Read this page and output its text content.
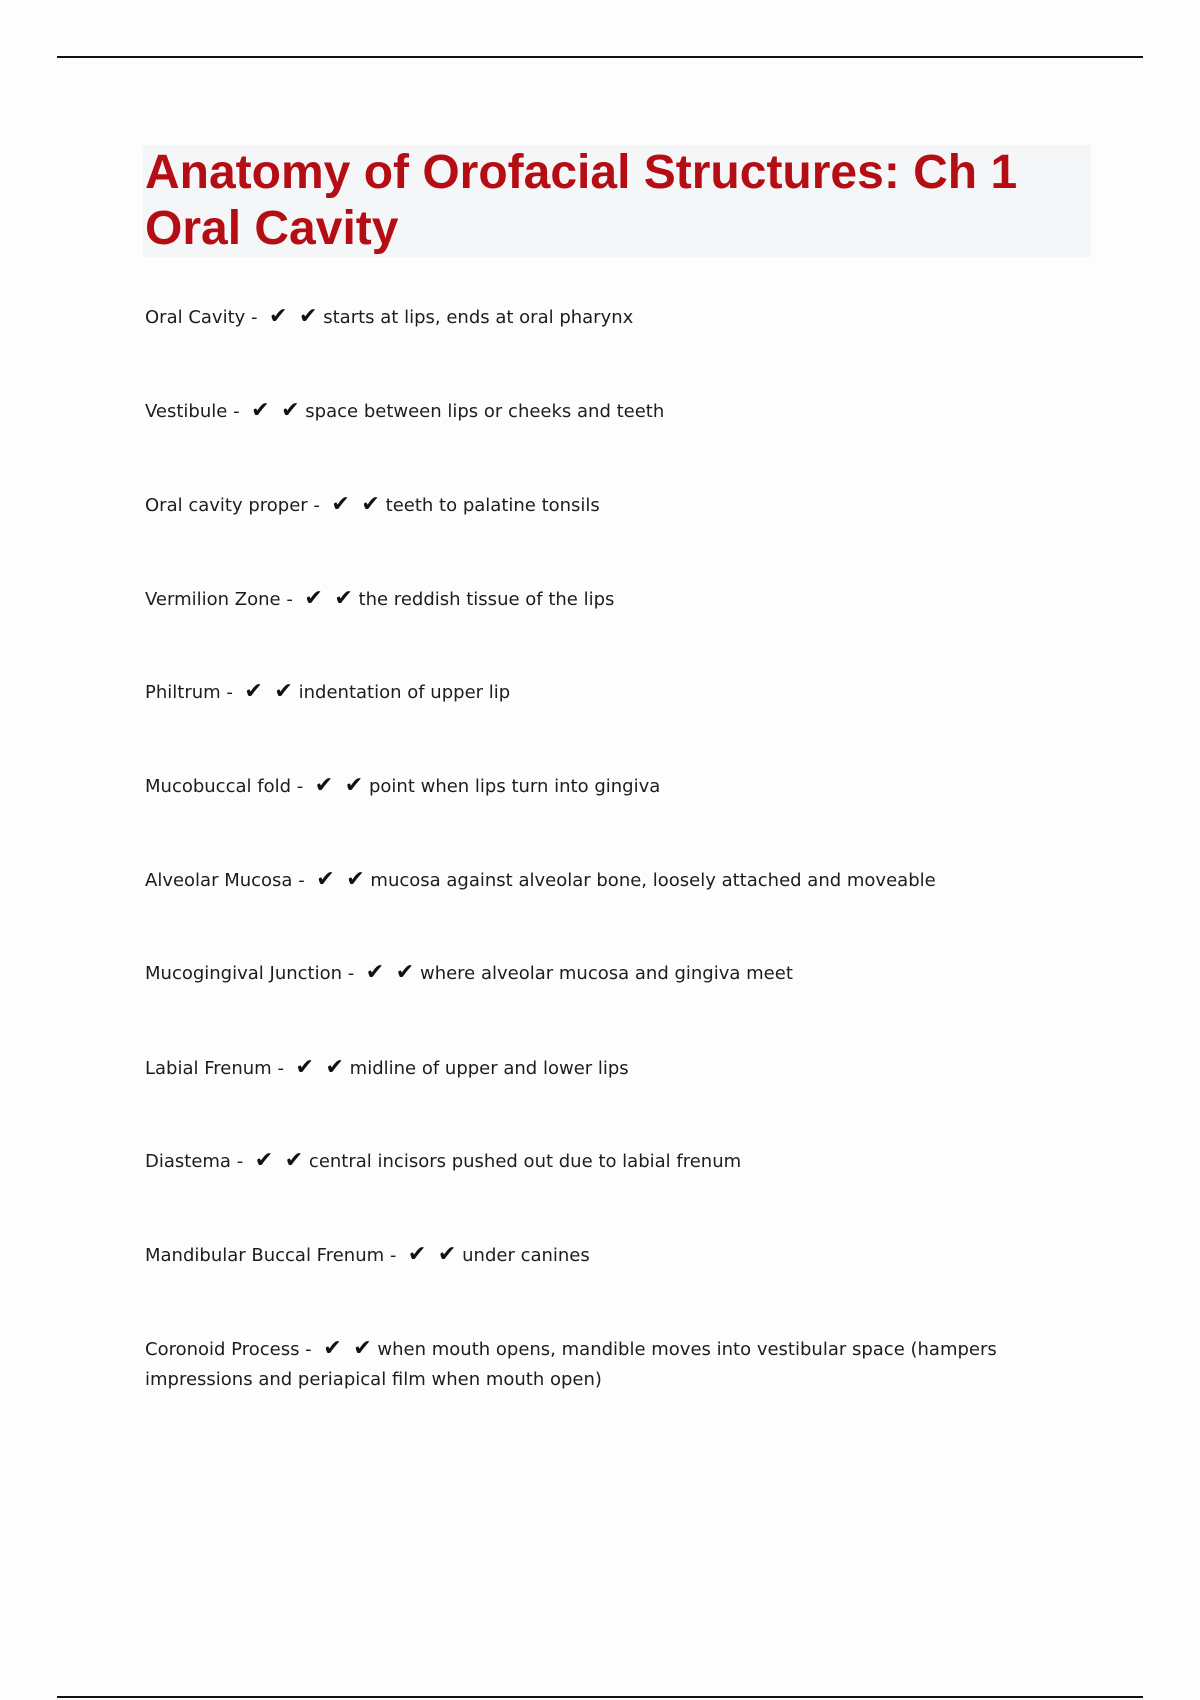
Anatomy of Orofacial Structures: Ch 1
Oral Cavity
Oral Cavity - ✔ ✔ starts at lips, ends at oral pharynx
Vestibule - ✔ ✔ space between lips or cheeks and teeth
Oral cavity proper - ✔ ✔ teeth to palatine tonsils
Vermilion Zone - ✔ ✔ the reddish tissue of the lips
Philtrum - ✔ ✔ indentation of upper lip
Mucobuccal fold - ✔ ✔ point when lips turn into gingiva
Alveolar Mucosa - ✔ ✔ mucosa against alveolar bone, loosely attached and moveable
Mucogingival Junction - ✔ ✔ where alveolar mucosa and gingiva meet
Labial Frenum - ✔ ✔ midline of upper and lower lips
Diastema - ✔ ✔ central incisors pushed out due to labial frenum
Mandibular Buccal Frenum - ✔ ✔ under canines
Coronoid Process - ✔ ✔ when mouth opens, mandible moves into vestibular space (hampers impressions and periapical film when mouth open)
